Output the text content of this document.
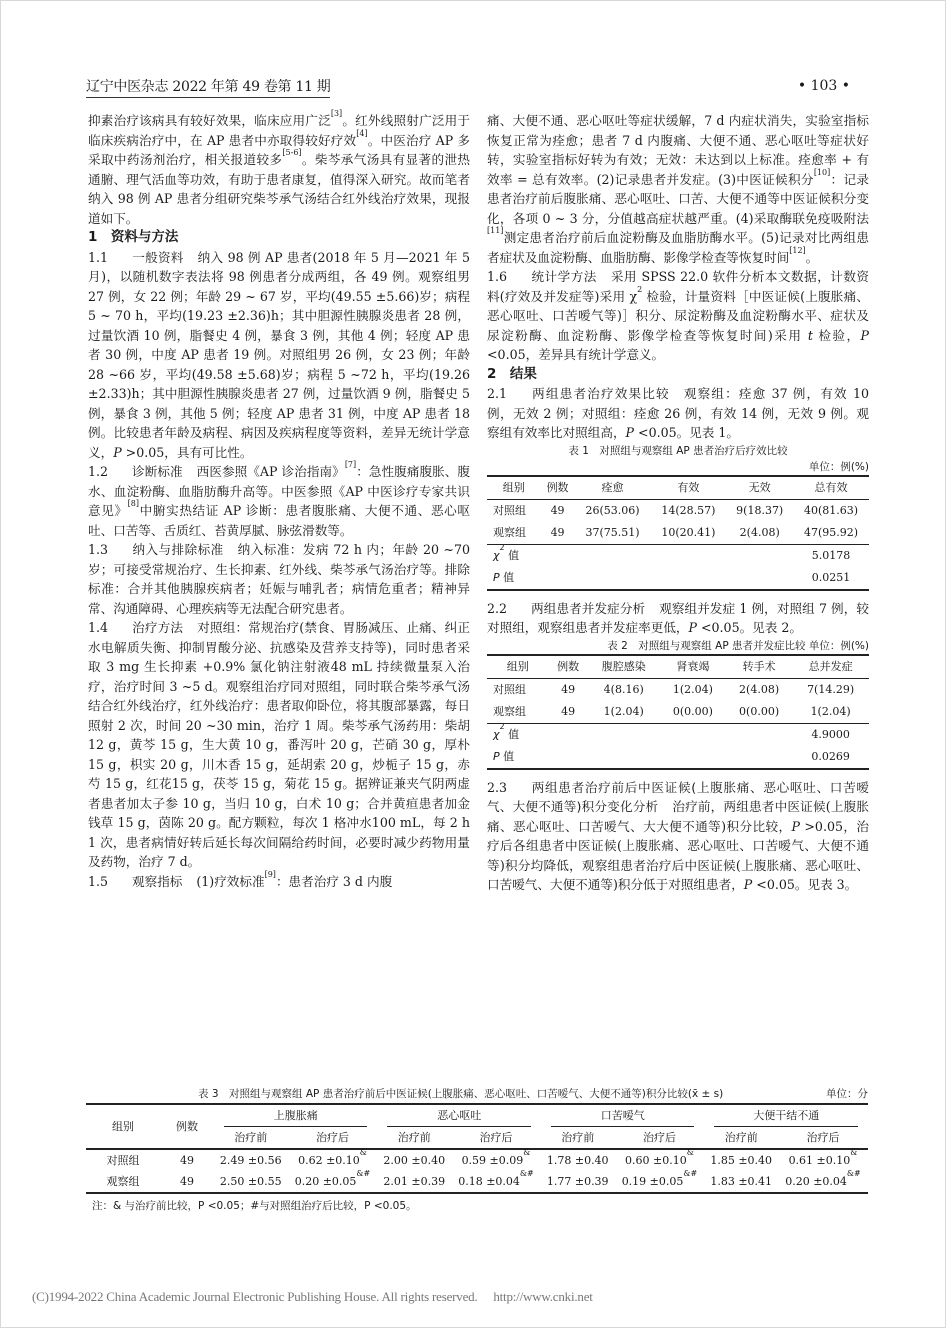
辽宁中医杂志 2022 年第 49 卷第 11 期	• 103 •

抑素治疗该病具有较好效果，临床应用广泛[3]。红外线照射广泛用于临床疾病治疗中，在 AP 患者中亦取得较好疗效[4]。中医治疗 AP 多采取中药汤剂治疗，相关报道较多[5-6]。柴芩承气汤具有显著的泄热通腑、理气活血等功效，有助于患者康复，值得深入研究。故而笔者纳入 98 例 AP 患者分组研究柴芩承气汤结合红外线治疗效果，现报道如下。

1　资料与方法

1.1 一般资料 纳入 98 例 AP 患者(2018 年 5 月—2021 年 5 月)，以随机数字表法将 98 例患者分成两组，各 49 例。观察组男 27 例，女 22 例；年龄 29 ~ 67 岁，平均(49.55 ±5.66)岁；病程 5 ~ 70 h，平均(19.23 ±2.36)h；其中胆源性胰腺炎患者 28 例，过量饮酒 10 例，脂餐史 4 例，暴食 3 例，其他 4 例；轻度 AP 患者 30 例，中度 AP 患者 19 例。对照组男 26 例，女 23 例；年龄 28 ~66 岁，平均(49.58 ±5.68)岁；病程 5 ~72 h，平均(19.26 ±2.33)h；其中胆源性胰腺炎患者 27 例，过量饮酒 9 例，脂餐史 5 例，暴食 3 例，其他 5 例；轻度 AP 患者 31 例，中度 AP 患者 18 例。比较患者年龄及病程、病因及疾病程度等资料，差异无统计学意义，P >0.05，具有可比性。

1.2 诊断标准 西医参照《AP 诊治指南》[7]：急性腹痛腹胀、腹水、血淀粉酶、血脂肪酶升高等。中医参照《AP 中医诊疗专家共识意见》[8]中腑实热结证 AP 诊断：患者腹胀痛、大便不通、恶心呕吐、口苦等、舌质红、苔黄厚腻、脉弦滑数等。

1.3 纳入与排除标准 纳入标准：发病 72 h 内；年龄 20 ~70 岁；可接受常规治疗、生长抑素、红外线、柴芩承气汤治疗等。排除标准：合并其他胰腺疾病者；妊娠与哺乳者；病情危重者；精神异常、沟通障碍、心理疾病等无法配合研究患者。

1.4 治疗方法 对照组：常规治疗(禁食、胃肠减压、止痛、纠正水电解质失衡、抑制胃酸分泌、抗感染及营养支持等)，同时患者采取 3 mg 生长抑素 +0.9% 氯化钠注射液48 mL 持续微量泵入治疗，治疗时间 3 ~5 d。观察组治疗同对照组，同时联合柴芩承气汤结合红外线治疗，红外线治疗：患者取仰卧位，将其腹部暴露，每日照射 2 次，时间 20 ~30 min，治疗 1 周。柴芩承气汤药用：柴胡 12 g，黄芩 15 g，生大黄 10 g，番泻叶 20 g，芒硝 30 g，厚朴 15 g，枳实 20 g，川木香 15 g，延胡索 20 g，炒栀子 15 g，赤芍 15 g，红花15 g，茯苓 15 g，菊花 15 g。据辨证兼夹气阴两虚者患者加太子参 10 g，当归 10 g，白术 10 g；合并黄疸患者加金钱草 15 g，茵陈 20 g。配方颗粒，每次 1 格冲水100 mL，每 2 h 1 次，患者病情好转后延长每次间隔给药时间，必要时减少药物用量及药物，治疗 7 d。

1.5 观察指标 (1)疗效标准[9]：患者治疗 3 d 内腹

痛、大便不通、恶心呕吐等症状缓解，7 d 内症状消失，实验室指标恢复正常为痊愈；患者 7 d 内腹痛、大便不通、恶心呕吐等症状好转，实验室指标好转为有效；无效：未达到以上标准。痊愈率 + 有效率 = 总有效率。(2)记录患者并发症。(3)中医证候积分[10]：记录患者治疗前后腹胀痛、恶心呕吐、口苦、大便不通等中医证候积分变化，各项 0 ~ 3 分，分值越高症状越严重。(4)采取酶联免疫吸附法[11]测定患者治疗前后血淀粉酶及血脂肪酶水平。(5)记录对比两组患者症状及血淀粉酶、血脂肪酶、影像学检查等恢复时间[12]。

1.6 统计学方法 采用 SPSS 22.0 软件分析本文数据，计数资料(疗效及并发症等)采用 $\chi^2$ 检验，计量资料［中医证候(上腹胀痛、恶心呕吐、口苦嗳气等)］积分、尿淀粉酶及血淀粉酶水平、症状及尿淀粉酶、血淀粉酶、影像学检查等恢复时间)采用 t 检验，P <0.05，差异具有统计学意义。

2　结果

2.1 两组患者治疗效果比较 观察组：痊愈 37 例，有效 10 例，无效 2 例；对照组：痊愈 26 例，有效 14 例，无效 9 例。观察组有效率比对照组高，P <0.05。见表 1。

表 1　对照组与观察组 AP 患者治疗后疗效比较

单位：例(%)

组别	例数	痊愈	有效	无效	总有效
对照组	49	26(53.06)	14(28.57)	9(18.37)	40(81.63)
观察组	49	37(75.51)	10(20.41)	2(4.08)	47(95.92)
$\chi^2$ 值					5.0178
P 值					0.0251

2.2 两组患者并发症分析 观察组并发症 1 例，对照组 7 例，较对照组，观察组患者并发症率更低，P <0.05。见表 2。

表 2　对照组与观察组 AP 患者并发症比较 单位：例(%)

组别	例数	腹腔感染	肾衰竭	转手术	总并发症
对照组	49	4(8.16)	1(2.04)	2(4.08)	7(14.29)
观察组	49	1(2.04)	0(0.00)	0(0.00)	1(2.04)
$\chi^2$ 值					4.9000
P 值					0.0269

2.3 两组患者治疗前后中医证候(上腹胀痛、恶心呕吐、口苦嗳气、大便不通等)积分变化分析 治疗前，两组患者中医证候(上腹胀痛、恶心呕吐、口苦嗳气、大大便不通等)积分比较，P >0.05，治疗后各组患者中医证候(上腹胀痛、恶心呕吐、口苦嗳气、大便不通等)积分均降低，观察组患者治疗后中医证候(上腹胀痛、恶心呕吐、口苦嗳气、大便不通等)积分低于对照组患者，P <0.05。见表 3。

表 3　对照组与观察组 AP 患者治疗前后中医证候(上腹胀痛、恶心呕吐、口苦嗳气、大便不通等)积分比较(x̄ ± s)	单位：分
组别	例数	上腹胀痛		恶心呕吐		口苦嗳气		大便干结不通	

		治疗前	治疗后	治疗前	治疗后	治疗前	治疗后	治疗前	治疗后
对照组	49	2.49 ±0.56	0.62 ±0.10&	2.00 ±0.40	0.59 ±0.09&	1.78 ±0.40	0.60 ±0.10&	1.85 ±0.40	0.61 ±0.10&
观察组	49	2.50 ±0.55	0.20 ±0.05&#	2.01 ±0.39	0.18 ±0.04&#	1.77 ±0.39	0.19 ±0.05&#	1.83 ±0.41	0.20 ±0.04&#
注：& 与治疗前比较，P <0.05；#与对照组治疗后比较，P <0.05。
(C)1994-2022 China Academic Journal Electronic Publishing House. All rights reserved.　 http://www.cnki.net
